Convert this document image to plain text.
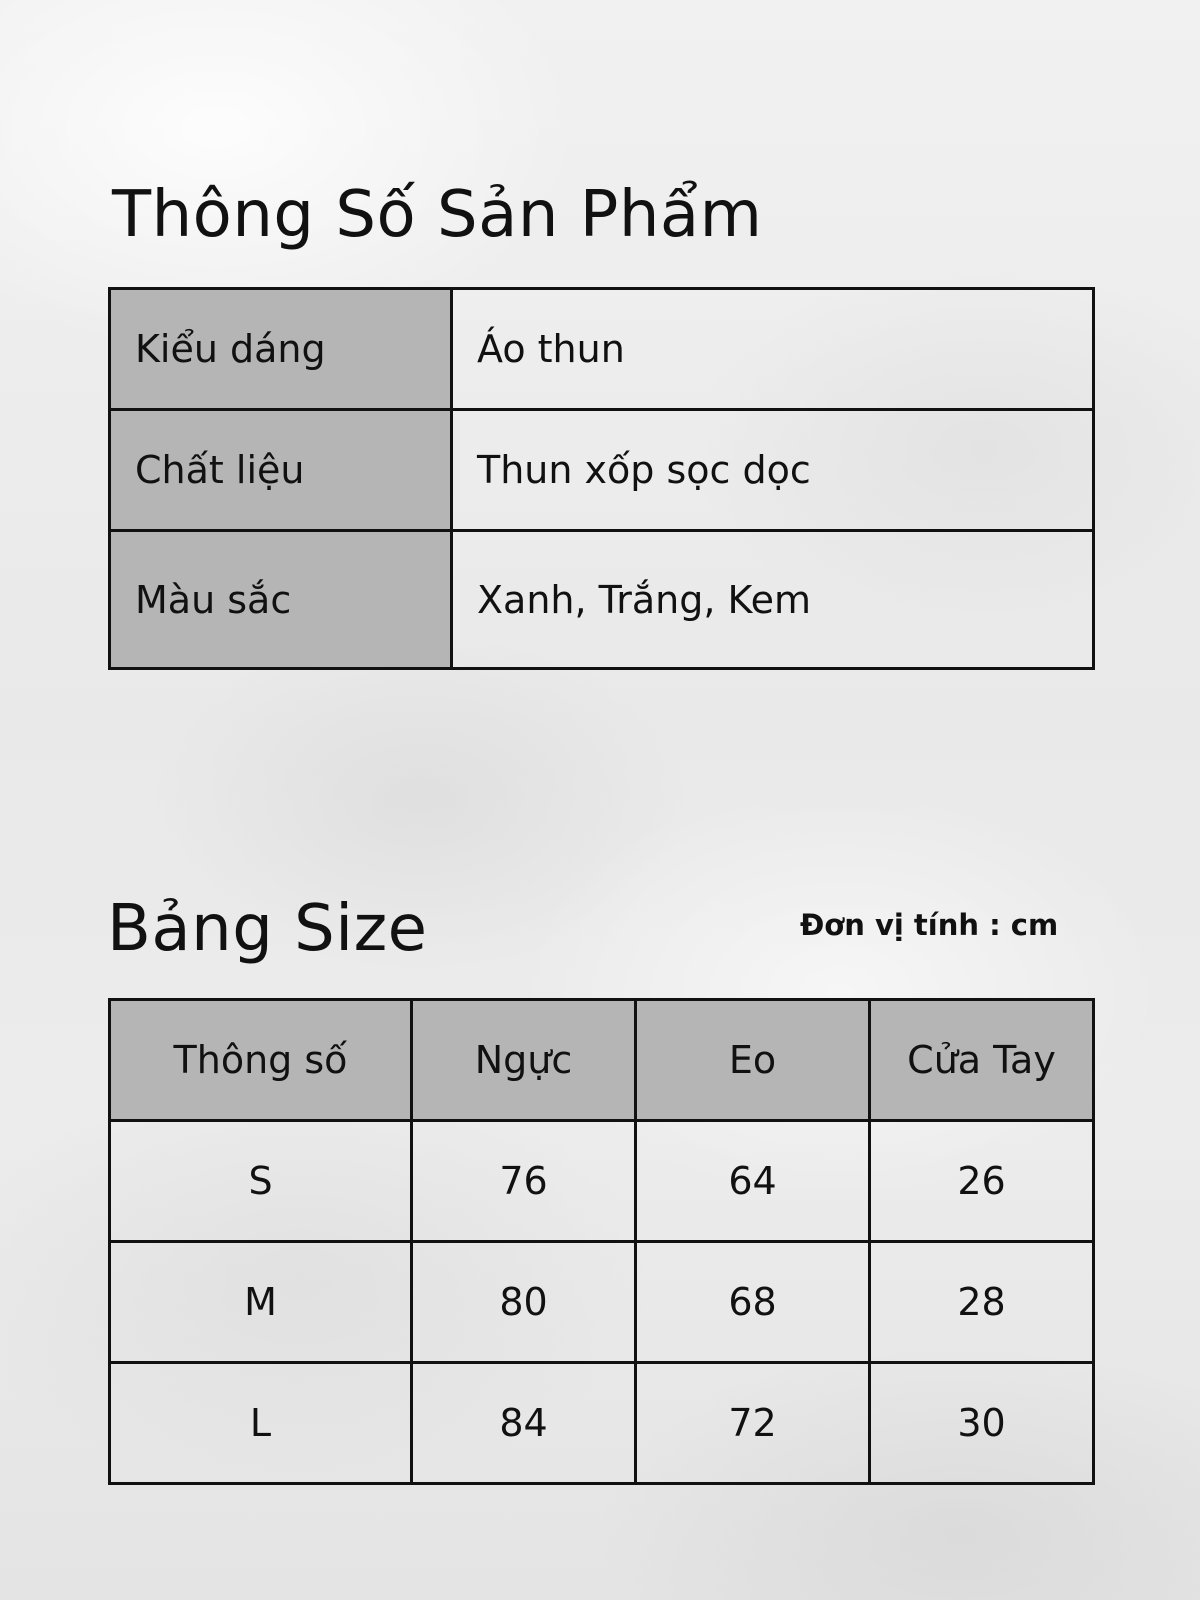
Thông Số Sản Phẩm
Kiểu dáng	Áo thun
Chất liệu	Thun xốp sọc dọc
Màu sắc	Xanh, Trắng, Kem
Bảng Size	Đơn vị tính : cm
Thông số	Ngực	Eo	Cửa Tay
S	76	64	26
M	80	68	28
L	84	72	30
